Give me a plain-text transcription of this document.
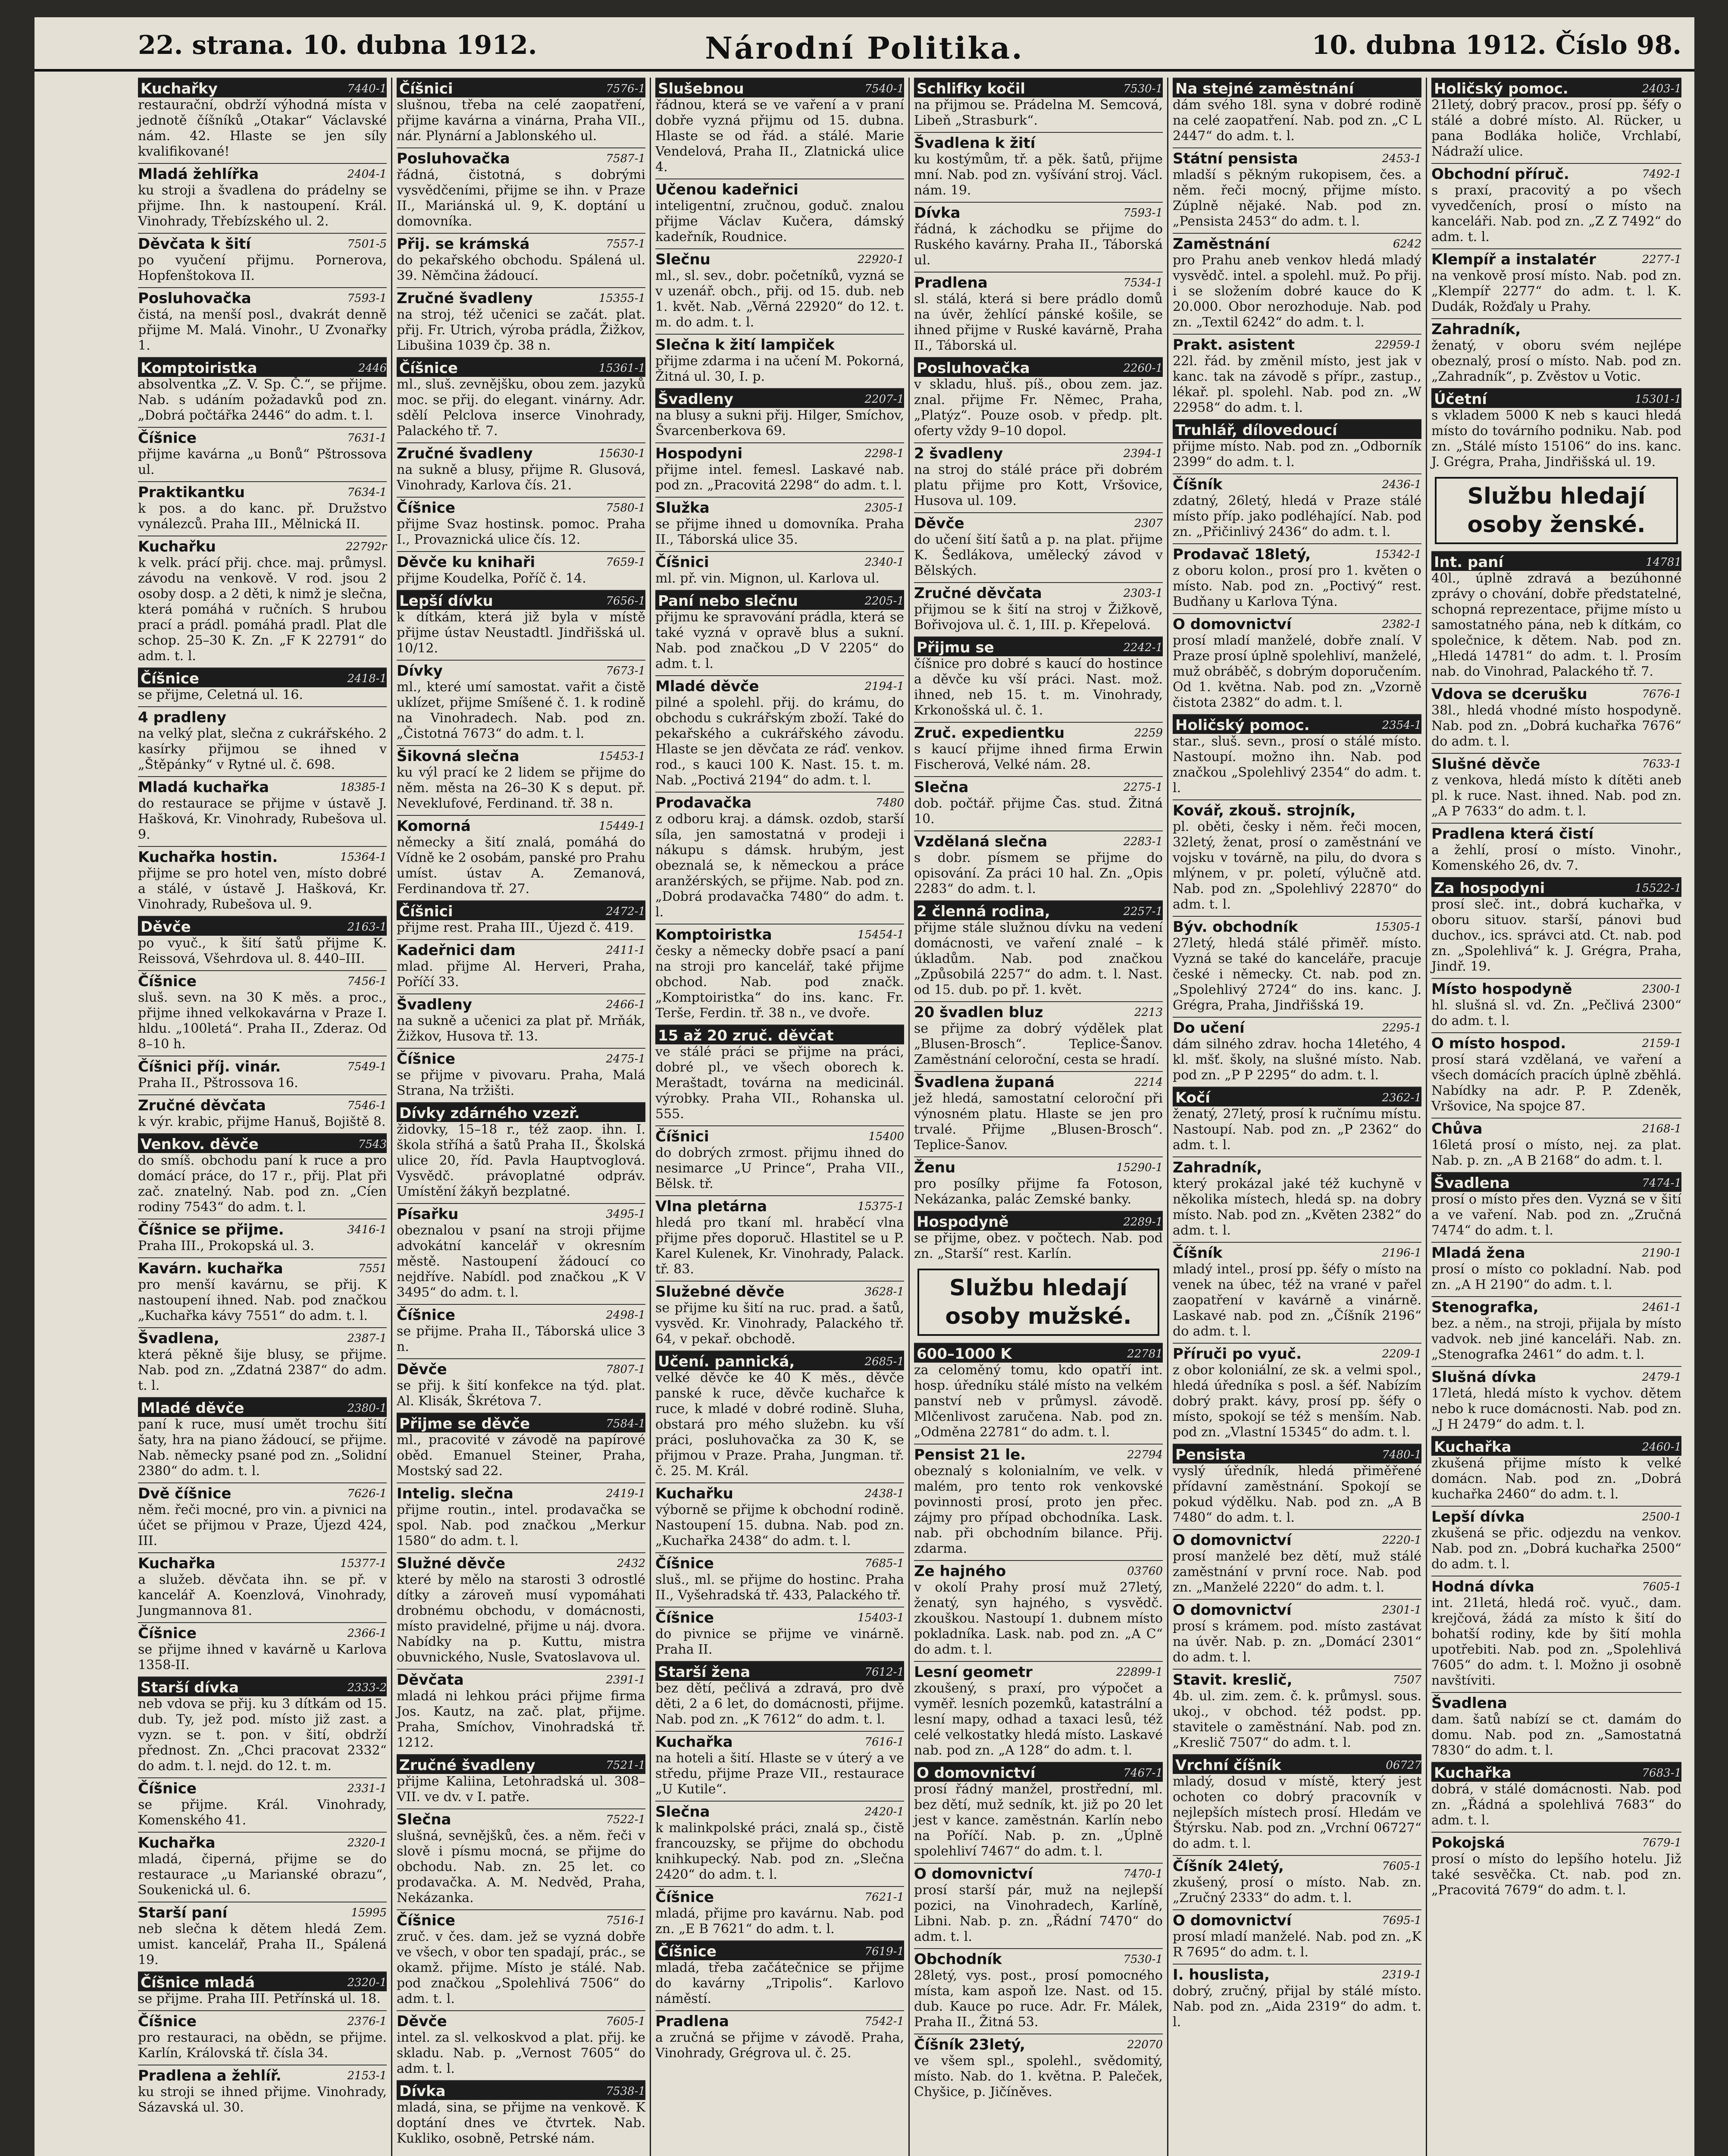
22. strana. 10. dubna 1912.	Národní Politika.	10. dubna 1912. Číslo 98.
Kuchařky	7440-1

restaurační, obdrží výhodná místa v jednotě číšníků „Otakar“ Václavské nám. 42. Hlaste se jen síly kvalifikované!

Mladá žehlířka	2404-1

ku stroji a švadlena do prádelny se přijme. Ihn. k nastoupení. Král. Vinohrady, Třebízského ul. 2.

Děvčata k šití	7501-5

po vyučení přijmu. Pornerova, Hopfenštokova II.

Posluhovačka	7593-1

čistá, na menší posl., dvakrát denně přijme M. Malá. Vinohr., U Zvonařky 1.

Komptoiristka	2446

absolventka „Z. V. Sp. Č.“, se přijme. Nab. s udáním požadavků pod zn. „Dobrá počtářka 2446“ do adm. t. l.

Číšnice	7631-1

přijme kavárna „u Bonů“ Pštrossova ul.

Praktikantku	7634-1

k pos. a do kanc. př. Družstvo vynálezců. Praha III., Mělnická II.

Kuchařku	22792r

k velk. prácí přij. chce. maj. průmysl. závodu na venkově. V rod. jsou 2 osoby dosp. a 2 děti, k nimž je slečna, která pomáhá v ručních. S hrubou prací a prádl. pomáhá pradl. Plat dle schop. 25–30 K. Zn. „F K 22791“ do adm. t. l.

Číšnice	2418-1

se přijme, Celetná ul. 16.

4 pradleny

na velký plat, slečna z cukrářského. 2 kasírky přijmou se ihned v „Štěpánky“ v Rytné ul. č. 698.

Mladá kuchařka	18385-1

do restaurace se přijme v ústavě J. Hašková, Kr. Vinohrady, Rubešova ul. 9.

Kuchařka hostin.	15364-1

přijme se pro hotel ven, místo dobré a stálé, v ústavě J. Hašková, Kr. Vinohrady, Rubešova ul. 9.

Děvče	2163-1

po vyuč., k šití šatů přijme K. Reissová, Všehrdova ul. 8. 440–III.

Číšnice	7456-1

sluš. sevn. na 30 K měs. a proc., přijme ihned velkokavárna v Praze I. hldu. „100letá“. Praha II., Zderaz. Od 8–10 h.

Číšnici příj. vinár.	7549-1

Praha II., Pštrossova 16.

Zručné děvčata	7546-1

k výr. krabic, přijme Hanuš, Bojiště 8.

Venkov. děvče	7543

do smíš. obchodu paní k ruce a pro domácí práce, do 17 r., přij. Plat při zač. znatelný. Nab. pod zn. „Cíen rodiny 7543“ do adm. t. l.

Číšnice se přijme.	3416-1

Praha III., Prokopská ul. 3.

Kavárn. kuchařka	7551

pro menší kavárnu, se přij. K nastoupení ihned. Nab. pod značkou „Kuchařka kávy 7551“ do adm. t. l.

Švadlena,	2387-1

která pěkně šije blusy, se přijme. Nab. pod zn. „Zdatná 2387“ do adm. t. l.

Mladé děvče	2380-1

paní k ruce, musí umět trochu šití šaty, hra na piano žádoucí, se přijme. Nab. německy psané pod zn. „Solidní 2380“ do adm. t. l.

Dvě číšnice	7626-1

něm. řeči mocné, pro vin. a pivnici na účet se přijmou v Praze, Újezd 424, III.

Kuchařka	15377-1

a služeb. děvčata ihn. se př. v kancelář A. Koenzlová, Vinohrady, Jungmannova 81.

Číšnice	2366-1

se přijme ihned v kavárně u Karlova 1358-II.

Starší dívka	2333-2

neb vdova se přij. ku 3 dítkám od 15. dub. Ty, jež pod. místo již zast. a vyzn. se t. pon. v šití, obdrží přednost. Zn. „Chci pracovat 2332“ do adm. t. l. nejd. do 12. t. m.

Číšnice	2331-1

se přijme. Král. Vinohrady, Komenského 41.

Kuchařka	2320-1

mladá, čiperná, přijme se do restaurace „u Marianské obrazu“, Soukenická ul. 6.

Starší paní	15995

neb slečna k dětem hledá Zem. umist. kancelář, Praha II., Spálená 19.

Číšnice mladá	2320-1

se přijme. Praha III. Petřínská ul. 18.

Číšnice	2376-1

pro restauraci, na obědn, se přijme. Karlín, Královská tř. čísla 34.

Pradlena a žehlíř.	2153-1

ku stroji se ihned přijme. Vinohrady, Sázavská ul. 30.

Číšnici	7576-1

slušnou, třeba na celé zaopatření, přijme kavárna a vinárna, Praha VII., nár. Plynární a Jablonského ul.

Posluhovačka	7587-1

řádná, čistotná, s dobrými vysvědčeními, přijme se ihn. v Praze II., Mariánská ul. 9, K. doptání u domovníka.

Přij. se krámská	7557-1

do pekařského obchodu. Spálená ul. 39. Němčina žádoucí.

Zručné švadleny	15355-1

na stroj, též učenici se začát. plat. přij. Fr. Utrich, výroba prádla, Žižkov, Libušina 1039 čp. 38 n.

Číšnice	15361-1

ml., sluš. zevnějšku, obou zem. jazyků moc. se přij. do elegant. vinárny. Adr. sdělí Pelclova inserce Vinohrady, Palackého tř. 7.

Zručné švadleny	15630-1

na sukně a blusy, přijme R. Glusová, Vinohrady, Karlova čís. 21.

Číšnice	7580-1

přijme Svaz hostinsk. pomoc. Praha I., Provaznická ulice čís. 12.

Děvče ku knihaři	7659-1

přijme Koudelka, Poříč č. 14.

Lepší dívku	7656-1

k dítkám, která již byla v místě přijme ústav Neustadtl. Jindřišská ul. 10/12.

Dívky	7673-1

ml., které umí samostat. vařit a čistě uklízet, přijme Smíšené č. 1. k rodině na Vinohradech. Nab. pod zn. „Čistotná 7673“ do adm. t. l.

Šikovná slečna	15453-1

ku výl prací ke 2 lidem se přijme do něm. města na 26–30 K s deput. př. Neveklufové, Ferdinand. tř. 38 n.

Komorná	15449-1

německy a šití znalá, pomáhá do Vídně ke 2 osobám, panské pro Prahu umíst. ústav A. Zemanová, Ferdinandova tř. 27.

Číšnici	2472-1

přijme rest. Praha III., Újezd č. 419.

Kadeřnici dam	2411-1

mlad. přijme Al. Herveri, Praha, Poříčí 33.

Švadleny	2466-1

na sukně a učenici za plat př. Mrňák, Žižkov, Husova tř. 13.

Číšnice	2475-1

se přijme v pivovaru. Praha, Malá Strana, Na tržišti.

Dívky zdárného vzezř.

židovky, 15–18 r., též zaop. ihn. I. škola stříhá a šatů Praha II., Školská ulice 20, říd. Pavla Hauptvoglová. Vysvědč. právoplatné odpráv. Umístění žákyň bezplatné.

Písařku	3495-1

obeznalou v psaní na stroji přijme advokátní kancelář v okresním městě. Nastoupení žádoucí co nejdříve. Nabídl. pod značkou „K V 3495“ do adm. t. l.

Číšnice	2498-1

se přijme. Praha II., Táborská ulice 3 n.

Děvče	7807-1

se přij. k šití konfekce na týd. plat. Al. Klisák, Škrétova 7.

Přijme se děvče	7584-1

ml., pracovité v závodě na papírové oběd. Emanuel Steiner, Praha, Mostský sad 22.

Intelig. slečna	2419-1

přijme routin., intel. prodavačka se spol. Nab. pod značkou „Merkur 1580“ do adm. t. l.

Služné děvče	2432

které by mělo na starosti 3 odrostlé dítky a zároveň musí vypomáhati drobnému obchodu, v domácnosti, místo pravidelné, přijme u náj. dvora. Nabídky na p. Kuttu, mistra obuvnického, Nusle, Svatoslavova ul.

Děvčata	2391-1

mladá ni lehkou práci přijme firma Jos. Kautz, na zač. plat, přijme. Praha, Smíchov, Vinohradská tř. 1212.

Zručné švadleny	7521-1

přijme Kaliina, Letohradská ul. 308–VII. ve dv. v I. patře.

Slečna	7522-1

slušná, sevnějšků, čes. a něm. řeči v slově i písmu mocná, se přijme do obchodu. Nab. zn. 25 let. co prodavačka. A. M. Nedvěd, Praha, Nekázanka.

Číšnice	7516-1

zruč. v čes. dam. jež se vyzná dobře ve všech, v obor ten spadají, prác., se okamž. přijme. Místo je stálé. Nab. pod značkou „Spolehlivá 7506“ do adm. t. l.

Děvče	7605-1

intel. za sl. velkoskvod a plat. přij. ke skladu. Nab. p. „Vernost 7605“ do adm. t. l.

Dívka	7538-1

mladá, sina, se přijme na venkově. K doptání dnes ve čtvrtek. Nab. Kukliko, osobně, Petrské nám.

Slušebnou	7540-1

řádnou, která se ve vaření a v praní dobře vyzná přijmu od 15. dubna. Hlaste se od řád. a stálé. Marie Vendelová, Praha II., Zlatnická ulice 4.

Učenou kadeřnici

inteligentní, zručnou, goduč. znalou přijme Václav Kučera, dámský kadeřník, Roudnice.

Slečnu	22920-1

ml., sl. sev., dobr. početníků, vyzná se v uzenář. obch., přij. od 15. dub. neb 1. květ. Nab. „Věrná 22920“ do 12. t. m. do adm. t. l.

Slečna k žití lampiček

přijme zdarma i na učení M. Pokorná, Žitná ul. 30, I. p.

Švadleny	2207-1

na blusy a sukni přij. Hilger, Smíchov, Švarcenberkova 69.

Hospodyni	2298-1

přijme intel. femesl. Laskavé nab. pod zn. „Pracovitá 2298“ do adm. t. l.

Služka	2305-1

se přijme ihned u domovníka. Praha II., Táborská ulice 35.

Číšnici	2340-1

ml. př. vin. Mignon, ul. Karlova ul.

Paní nebo slečnu	2205-1

přijmu ke spravování prádla, která se také vyzná v opravě blus a sukní. Nab. pod značkou „D V 2205“ do adm. t. l.

Mladé děvče	2194-1

pilné a spolehl. přij. do krámu, do obchodu s cukrářským zboží. Také do pekařského a cukrářského závodu. Hlaste se jen děvčata ze ráď. venkov. rod., s kauci 100 K. Nast. 15. t. m. Nab. „Poctivá 2194“ do adm. t. l.

Prodavačka	7480

z odboru kraj. a dámsk. ozdob, starší síla, jen samostatná v prodeji i nákupu s dámsk. hrubým, jest obeznalá se, k německou a práce aranžérských, se přijme. Nab. pod zn. „Dobrá prodavačka 7480“ do adm. t. l.

Komptoiristka	15454-1

česky a německy dobře psací a paní na stroji pro kancelář, také přijme obchod. Nab. pod značk. „Komptoiristka“ do ins. kanc. Fr. Terše, Ferdin. tř. 38 n., ve dvoře.

15 až 20 zruč. děvčat

ve stálé práci se přijme na práci, dobré pl., ve všech oborech k. Meraštadt, továrna na medicinál. výrobky. Praha VII., Rohanska ul. 555.

Číšnici	15400

do dobrých zrmost. přijmu ihned do nesimarce „U Prince“, Praha VII., Bělsk. tř.

Vlna pletárna	15375-1

hledá pro tkaní ml. hraběcí vlna přijme přes doporuč. Hlastitel se u P. Karel Kulenek, Kr. Vinohrady, Palack. tř. 83.

Služebné děvče	3628-1

se přijme ku šití na ruc. prad. a šatů, vysvěd. Kr. Vinohrady, Palackého tř. 64, v pekař. obchodě.

Učení. pannická,	2685-1

velké děvče ke 40 K měs., děvče panské k ruce, děvče kuchařce k ruce, k mladé v dobré rodině. Sluha, obstará pro mého služebn. ku vší práci, posluhovačka za 30 K, se přijmou v Praze. Praha, Jungman. tř. č. 25. M. Král.

Kuchařku	2438-1

výborně se přijme k obchodní rodině. Nastoupení 15. dubna. Nab. pod zn. „Kuchařka 2438“ do adm. t. l.

Číšnice	7685-1

sluš., ml. se přijme do hostinc. Praha II., Vyšehradská tř. 433, Palackého tř.

Číšnice	15403-1

do pivnice se přijme ve vinárně. Praha II.

Starší žena	7612-1

bez dětí, pečlivá a zdravá, pro dvě děti, 2 a 6 let, do domácnosti, přijme. Nab. pod zn. „K 7612“ do adm. t. l.

Kuchařka	7616-1

na hoteli a šití. Hlaste se v úterý a ve středu, přijme Praze VII., restaurace „U Kutile“.

Slečna	2420-1

k malinkpolské práci, znalá sp., čistě francouzsky, se přijme do obchodu knihkupecký. Nab. pod zn. „Slečna 2420“ do adm. t. l.

Číšnice	7621-1

mladá, přijme pro kavárnu. Nab. pod zn. „E B 7621“ do adm. t. l.

Číšnice	7619-1

mladá, třeba začátečnice se přijme do kavárny „Tripolis“. Karlovo náměstí.

Pradlena	7542-1

a zručná se přijme v závodě. Praha, Vinohrady, Grégrova ul. č. 25.

Schlifky kočil	7530-1

na přijmou se. Prádelna M. Semcová, Libeň „Strasburk“.

Švadlena k žití

ku kostýmům, tř. a pěk. šatů, přijme mní. Nab. pod zn. vyšívání stroj. Václ. nám. 19.

Dívka	7593-1

řádná, k záchodku se přijme do Ruského kavárny. Praha II., Táborská ul.

Pradlena	7534-1

sl. stálá, která si bere prádlo domů na úvěr, žehlící pánské košile, se ihned přijme v Ruské kavárně, Praha II., Táborská ul.

Posluhovačka	2260-1

v skladu, hluš. píš., obou zem. jaz. znal. přijme Fr. Němec, Praha, „Platýz“. Pouze osob. v předp. plt. oferty vždy 9–10 dopol.

2 švadleny	2394-1

na stroj do stálé práce při dobrém platu přijme pro Kott, Vršovice, Husova ul. 109.

Děvče	2307

do učení šití šatů a p. na plat. přijme K. Šedlákova, umělecký závod v Bělských.

Zručné děvčata	2303-1

přijmou se k šití na stroj v Žižkově, Bořivojova ul. č. 1, III. p. Křepelová.

Přijmu se	2242-1

číšnice pro dobré s kaucí do hostince a děvče ku vší práci. Nast. mož. ihned, neb 15. t. m. Vinohrady, Krkonošská ul. č. 1.

Zruč. expedientku	2259

s kaucí přijme ihned firma Erwin Fischerová, Velké nám. 28.

Slečna	2275-1

dob. počtář. přijme Čas. stud. Žitná 10.

Vzdělaná slečna	2283-1

s dobr. písmem se přijme do opisování. Za práci 10 hal. Zn. „Opis 2283“ do adm. t. l.

2 členná rodina,	2257-1

přijme stále služnou dívku na vedení domácnosti, ve vaření znalé – k úkladům. Nab. pod značkou „Způsobilá 2257“ do adm. t. l. Nast. od 15. dub. po př. 1. květ.

20 švadlen bluz	2213

se přijme za dobrý výdělek plat „Blusen-Brosch“. Teplice-Šanov. Zaměstnání celoroční, cesta se hradí.

Švadlena županá	2214

jež hledá, samostatní celoroční při výnosném platu. Hlaste se jen pro trvalé. Přijme „Blusen-Brosch“. Teplice-Šanov.

Ženu	15290-1

pro posílky přijme fa Fotoson, Nekázanka, palác Zemské banky.

Hospodyně	2289-1

se přijme, obez. v počtech. Nab. pod zn. „Starší“ rest. Karlín.

Službu hledají osoby mužské.
600–1000 K	22781

za celoměný tomu, kdo opatří int. hosp. úředníku stálé místo na velkém panství neb v průmysl. závodě. Mlčenlivost zaručena. Nab. pod zn. „Odměna 22781“ do adm. t. l.

Pensist 21 le.	22794

obeznalý s kolonialním, ve velk. v malém, pro tento rok venkovské povinnosti prosí, proto jen přec. zájmy pro případ obchodníka. Lask. nab. při obchodním bilance. Přij. zdarma.

Ze hajného	03760

v okolí Prahy prosí muž 27letý, ženatý, syn hajného, s vysvědč. zkouškou. Nastoupí 1. dubnem místo pokladníka. Lask. nab. pod zn. „A C“ do adm. t. l.

Lesní geometr	22899-1

zkoušený, s praxí, pro výpočet a vyměř. lesních pozemků, katastrální a lesní mapy, odhad a taxaci lesů, též celé velkostatky hledá místo. Laskavé nab. pod zn. „A 128“ do adm. t. l.

O domovnictví	7467-1

prosí řádný manžel, prostřední, ml. bez dětí, muž sedník, kt. již po 20 let jest v kance. zaměstnán. Karlín nebo na Poříčí. Nab. p. zn. „Úplně spolehliví 7467“ do adm. t. l.

O domovnictví	7470-1

prosí starší pár, muž na nejlepší pozici, na Vinohradech, Karlíně, Libni. Nab. p. zn. „Řádní 7470“ do adm. t. l.

Obchodník	7530-1

28letý, vys. post., prosí pomocného místa, kam aspoň lze. Nast. od 15. dub. Kauce po ruce. Adr. Fr. Málek, Praha II., Žitná 53.

Číšník 23letý,	22070

ve všem spl., spolehl., svědomitý, místo. Nab. do 1. května. P. Paleček, Chyšice, p. Jičíněves.

Na stejné zaměstnání

dám svého 18l. syna v dobré rodině na celé zaopatření. Nab. pod zn. „C L 2447“ do adm. t. l.

Státní pensista	2453-1

mladší s pěkným rukopisem, čes. a něm. řeči mocný, přijme místo. Zúplně nějaké. Nab. pod zn. „Pensista 2453“ do adm. t. l.

Zaměstnání	6242

pro Prahu aneb venkov hledá mladý vysvědč. intel. a spolehl. muž. Po přij. i se složením dobré kauce do K 20.000. Obor nerozhoduje. Nab. pod zn. „Textil 6242“ do adm. t. l.

Prakt. asistent	22959-1

22l. řád. by změnil místo, jest jak v kanc. tak na závodě s přípr., zastup., lékař. pl. spolehl. Nab. pod zn. „W 22958“ do adm. t. l.

Truhlář, dílovedoucí

přijme místo. Nab. pod zn. „Odborník 2399“ do adm. t. l.

Číšník	2436-1

zdatný, 26letý, hledá v Praze stálé místo příp. jako podléhající. Nab. pod zn. „Přičinlivý 2436“ do adm. t. l.

Prodavač 18letý,	15342-1

z oboru kolon., prosí pro 1. květen o místo. Nab. pod zn. „Poctivý“ rest. Budňany u Karlova Týna.

O domovnictví	2382-1

prosí mladí manželé, dobře znalí. V Praze prosí úplně spolehliví, manželé, muž obráběč, s dobrým doporučením. Od 1. května. Nab. pod zn. „Vzorně čistota 2382“ do adm. t. l.

Holičský pomoc.	2354-1

star., sluš. sevn., prosí o stálé místo. Nastoupí. možno ihn. Nab. pod značkou „Spolehlivý 2354“ do adm. t. l.

Kovář, zkouš. strojník,

pl. oběti, česky i něm. řeči mocen, 32letý, ženat, prosí o zaměstnání ve vojsku v továrně, na pilu, do dvora s mlýnem, v pr. poletí, výlučně atd. Nab. pod zn. „Spolehlivý 22870“ do adm. t. l.

Býv. obchodník	15305-1

27letý, hledá stálé přiměř. místo. Vyzná se také do kanceláře, pracuje české i německy. Ct. nab. pod zn. „Spolehlivý 2724“ do ins. kanc. J. Grégra, Praha, Jindřišská 19.

Do učení	2295-1

dám silného zdrav. hocha 14letého, 4 kl. mšť. školy, na slušné místo. Nab. pod zn. „P P 2295“ do adm. t. l.

Kočí	2362-1

ženatý, 27letý, prosí k ručnímu místu. Nastoupí. Nab. pod zn. „P 2362“ do adm. t. l.

Zahradník,

který prokázal jaké též kuchyně v několika místech, hledá sp. na dobry místo. Nab. pod zn. „Květen 2382“ do adm. t. l.

Číšník	2196-1

mladý intel., prosí pp. šéfy o místo na venek na úbec, též na vrané v pařel zaopatření v kavárně a vinárně. Laskavé nab. pod zn. „Číšník 2196“ do adm. t. l.

Příruči po vyuč.	2209-1

z obor koloniální, ze sk. a velmi spol., hledá úředníka s posl. a šéf. Nabízím dobrý prakt. kávy, prosí pp. šéfy o místo, spokojí se též s menším. Nab. pod zn. „Vlastní 15345“ do adm. t. l.

Pensista	7480-1

vyslý úředník, hledá přiměřené přídavní zaměstnání. Spokojí se pokud výdělku. Nab. pod zn. „A B 7480“ do adm. t. l.

O domovnictví	2220-1

prosí manželé bez dětí, muž stálé zaměstnání v první roce. Nab. pod zn. „Manželé 2220“ do adm. t. l.

O domovnictví	2301-1

prosí s krámem. pod. místo zastávat na úvěr. Nab. p. zn. „Domácí 2301“ do adm. t. l.

Stavit. kreslič,	7507

4b. ul. zim. zem. č. k. průmysl. sous. ukoj., v obchod. též podst. pp. stavitele o zaměstnání. Nab. pod zn. „Kreslič 7507“ do adm. t. l.

Vrchní číšník	06727

mladý, dosud v místě, který jest ochoten co dobrý pracovník v nejlepších místech prosí. Hledám ve Štýrsku. Nab. pod zn. „Vrchní 06727“ do adm. t. l.

Číšník 24letý,	7605-1

zkušený, prosí o místo. Nab. zn. „Zručný 2333“ do adm. t. l.

O domovnictví	7695-1

prosí mladí manželé. Nab. pod zn. „K R 7695“ do adm. t. l.

I. houslista,	2319-1

dobrý, zručný, přijal by stálé místo. Nab. pod zn. „Aida 2319“ do adm. t. l.

Holičský pomoc.	2403-1

21letý, dobrý pracov., prosí pp. šéfy o stálé a dobré místo. Al. Rücker, u pana Bodláka holiče, Vrchlabí, Nádraží ulice.

Obchodní příruč.	7492-1

s praxí, pracovitý a po všech vyvedčeních, prosí o místo na kanceláři. Nab. pod zn. „Z Z 7492“ do adm. t. l.

Klempíř a instalatér	2277-1

na venkově prosí místo. Nab. pod zn. „Klempíř 2277“ do adm. t. l. K. Dudák, Rožďaly u Prahy.

Zahradník,

ženatý, v oboru svém nejlépe obeznalý, prosí o místo. Nab. pod zn. „Zahradník“, p. Zvěstov u Votic.

Účetní	15301-1

s vkladem 5000 K neb s kauci hledá místo do továrního podniku. Nab. pod zn. „Stálé místo 15106“ do ins. kanc. J. Grégra, Praha, Jindřišská ul. 19.

Službu hledají osoby ženské.
Int. paní	14781

40l., úplně zdravá a bezúhonné zprávy o chování, dobře předstatelné, schopná reprezentace, přijme místo u samostatného pána, neb k dítkám, co společnice, k dětem. Nab. pod zn. „Hledá 14781“ do adm. t. l. Prosím nab. do Vinohrad, Palackého tř. 7.

Vdova se dcerušku	7676-1

38l., hledá vhodné místo hospodyně. Nab. pod zn. „Dobrá kuchařka 7676“ do adm. t. l.

Slušné děvče	7633-1

z venkova, hledá místo k dítěti aneb pl. k ruce. Nast. ihned. Nab. pod zn. „A P 7633“ do adm. t. l.

Pradlena která čistí

a žehlí, prosí o místo. Vinohr., Komenského 26, dv. 7.

Za hospodyni	15522-1

prosí sleč. int., dobrá kuchařka, v oboru situov. starší, pánovi bud duchov., ics. správci atd. Ct. nab. pod zn. „Spolehlivá“ k. J. Grégra, Praha, Jindř. 19.

Místo hospodyně	2300-1

hl. slušná sl. vd. Zn. „Pečlivá 2300“ do adm. t. l.

O místo hospod.	2159-1

prosí stará vzdělaná, ve vaření a všech domácích pracích úplně zběhlá. Nabídky na adr. P. P. Zdeněk, Vršovice, Na spojce 87.

Chůva	2168-1

16letá prosí o místo, nej. za plat. Nab. p. zn. „A B 2168“ do adm. t. l.

Švadlena	7474-1

prosí o místo přes den. Vyzná se v šití a ve vaření. Nab. pod zn. „Zručná 7474“ do adm. t. l.

Mladá žena	2190-1

prosí o místo co pokladní. Nab. pod zn. „A H 2190“ do adm. t. l.

Stenografka,	2461-1

bez. a něm., na stroji, přijala by místo vadvok. neb jiné kanceláři. Nab. zn. „Stenografka 2461“ do adm. t. l.

Slušná dívka	2479-1

17letá, hledá místo k vychov. dětem nebo k ruce domácnosti. Nab. pod zn. „J H 2479“ do adm. t. l.

Kuchařka	2460-1

zkušená přijme místo k velké domácn. Nab. pod zn. „Dobrá kuchařka 2460“ do adm. t. l.

Lepší dívka	2500-1

zkušená se přic. odjezdu na venkov. Nab. pod zn. „Dobrá kuchařka 2500“ do adm. t. l.

Hodná dívka	7605-1

int. 21letá, hledá roč. vyuč., dam. krejčová, žádá za místo k šití do bohatší rodiny, kde by šití mohla upotřebiti. Nab. pod zn. „Spolehlivá 7605“ do adm. t. l. Možno ji osobně navštíviti.

Švadlena

dam. šatů nabízí se ct. damám do domu. Nab. pod zn. „Samostatná 7830“ do adm. t. l.

Kuchařka	7683-1

dobrá, v stálé domácnosti. Nab. pod zn. „Řádná a spolehlivá 7683“ do adm. t. l.

Pokojská	7679-1

prosí o místo do lepšího hotelu. Již také sesvěčka. Ct. nab. pod zn. „Pracovitá 7679“ do adm. t. l.
